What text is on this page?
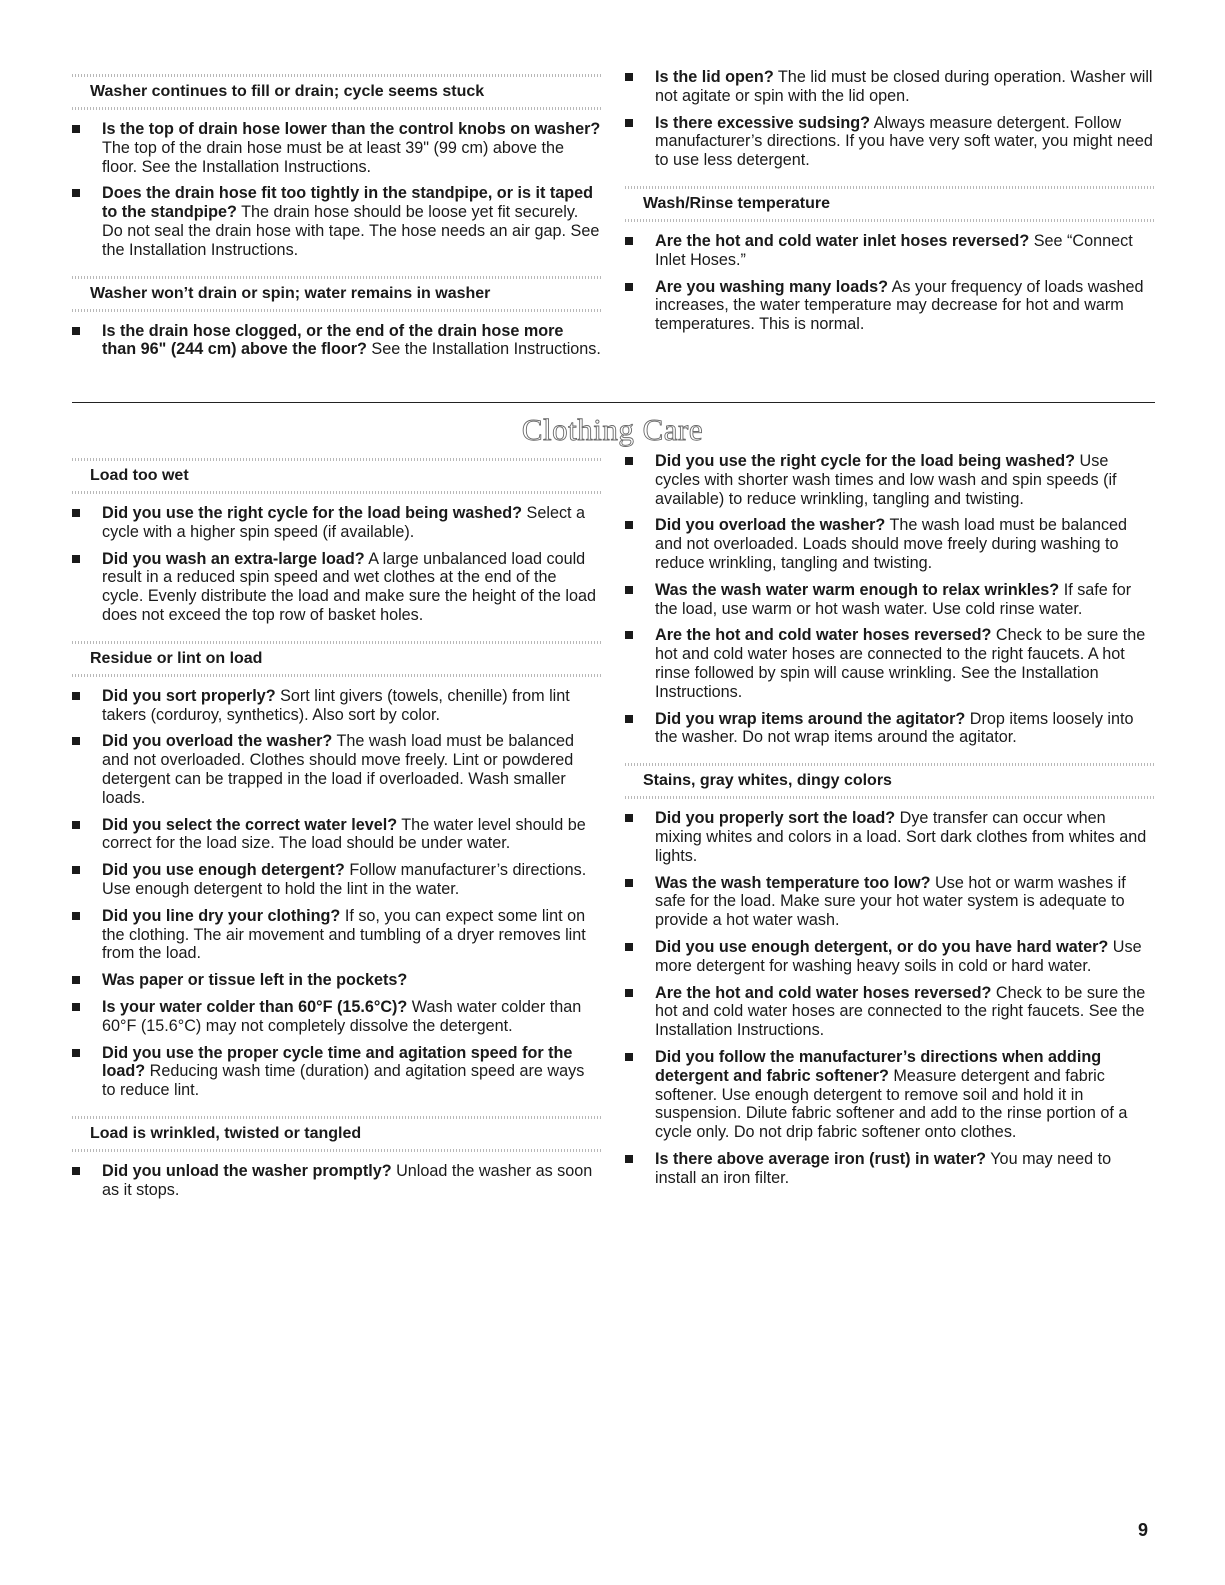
Washer continues to fill or drain; cycle seems stuck
Is the top of drain hose lower than the control knobs on washer? The top of the drain hose must be at least 39" (99 cm) above the floor. See the Installation Instructions.
Does the drain hose fit too tightly in the standpipe, or is it taped to the standpipe? The drain hose should be loose yet fit securely. Do not seal the drain hose with tape. The hose needs an air gap. See the Installation Instructions.
Washer won’t drain or spin; water remains in washer
Is the drain hose clogged, or the end of the drain hose more than 96" (244 cm) above the floor? See the Installation Instructions.
Is the lid open? The lid must be closed during operation. Washer will not agitate or spin with the lid open.
Is there excessive sudsing? Always measure detergent. Follow manufacturer’s directions. If you have very soft water, you might need to use less detergent.
Wash/Rinse temperature
Are the hot and cold water inlet hoses reversed? See “Connect Inlet Hoses.”
Are you washing many loads? As your frequency of loads washed increases, the water temperature may decrease for hot and warm temperatures. This is normal.
Clothing Care
Load too wet
Did you use the right cycle for the load being washed? Select a cycle with a higher spin speed (if available).
Did you wash an extra-large load? A large unbalanced load could result in a reduced spin speed and wet clothes at the end of the cycle. Evenly distribute the load and make sure the height of the load does not exceed the top row of basket holes.
Residue or lint on load
Did you sort properly? Sort lint givers (towels, chenille) from lint takers (corduroy, synthetics). Also sort by color.
Did you overload the washer? The wash load must be balanced and not overloaded. Clothes should move freely. Lint or powdered detergent can be trapped in the load if overloaded. Wash smaller loads.
Did you select the correct water level? The water level should be correct for the load size. The load should be under water.
Did you use enough detergent? Follow manufacturer’s directions. Use enough detergent to hold the lint in the water.
Did you line dry your clothing? If so, you can expect some lint on the clothing. The air movement and tumbling of a dryer removes lint from the load.
Was paper or tissue left in the pockets?
Is your water colder than 60°F (15.6°C)? Wash water colder than 60°F (15.6°C) may not completely dissolve the detergent.
Did you use the proper cycle time and agitation speed for the load? Reducing wash time (duration) and agitation speed are ways to reduce lint.
Load is wrinkled, twisted or tangled
Did you unload the washer promptly? Unload the washer as soon as it stops.
Did you use the right cycle for the load being washed? Use cycles with shorter wash times and low wash and spin speeds (if available) to reduce wrinkling, tangling and twisting.
Did you overload the washer? The wash load must be balanced and not overloaded. Loads should move freely during washing to reduce wrinkling, tangling and twisting.
Was the wash water warm enough to relax wrinkles? If safe for the load, use warm or hot wash water. Use cold rinse water.
Are the hot and cold water hoses reversed? Check to be sure the hot and cold water hoses are connected to the right faucets. A hot rinse followed by spin will cause wrinkling. See the Installation Instructions.
Did you wrap items around the agitator? Drop items loosely into the washer. Do not wrap items around the agitator.
Stains, gray whites, dingy colors
Did you properly sort the load? Dye transfer can occur when mixing whites and colors in a load. Sort dark clothes from whites and lights.
Was the wash temperature too low? Use hot or warm washes if safe for the load. Make sure your hot water system is adequate to provide a hot water wash.
Did you use enough detergent, or do you have hard water? Use more detergent for washing heavy soils in cold or hard water.
Are the hot and cold water hoses reversed? Check to be sure the hot and cold water hoses are connected to the right faucets. See the Installation Instructions.
Did you follow the manufacturer’s directions when adding detergent and fabric softener? Measure detergent and fabric softener. Use enough detergent to remove soil and hold it in suspension. Dilute fabric softener and add to the rinse portion of a cycle only. Do not drip fabric softener onto clothes.
Is there above average iron (rust) in water? You may need to install an iron filter.
9
